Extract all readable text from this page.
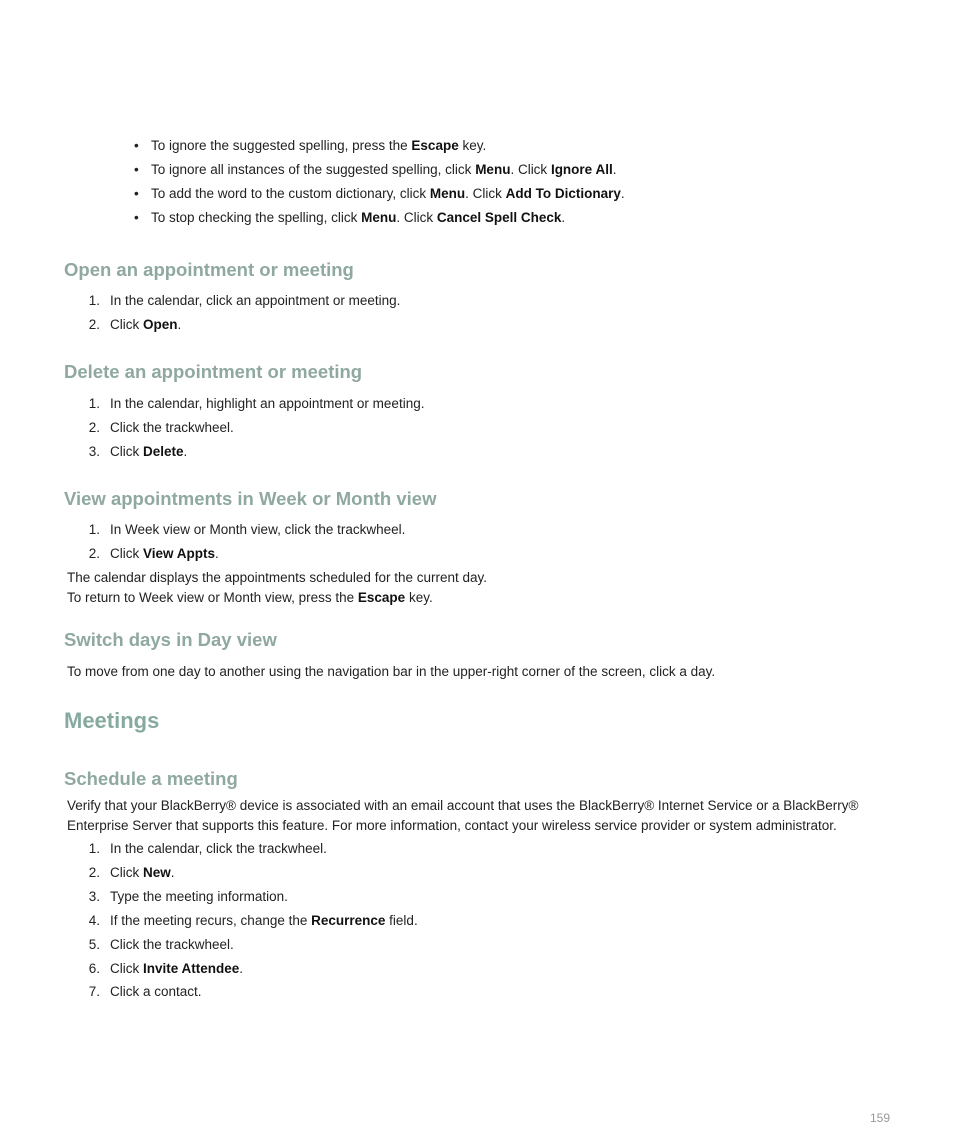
• To ignore the suggested spelling, press the Escape key.
• To ignore all instances of the suggested spelling, click Menu. Click Ignore All.
• To add the word to the custom dictionary, click Menu. Click Add To Dictionary.
• To stop checking the spelling, click Menu. Click Cancel Spell Check.
Open an appointment or meeting
1. In the calendar, click an appointment or meeting.
2. Click Open.
Delete an appointment or meeting
1. In the calendar, highlight an appointment or meeting.
2. Click the trackwheel.
3. Click Delete.
View appointments in Week or Month view
1. In Week view or Month view, click the trackwheel.
2. Click View Appts.
The calendar displays the appointments scheduled for the current day.
To return to Week view or Month view, press the Escape key.
Switch days in Day view
To move from one day to another using the navigation bar in the upper-right corner of the screen, click a day.
Meetings
Schedule a meeting
Verify that your BlackBerry® device is associated with an email account that uses the BlackBerry® Internet Service or a BlackBerry®
Enterprise Server that supports this feature. For more information, contact your wireless service provider or system administrator.
1. In the calendar, click the trackwheel.
2. Click New.
3. Type the meeting information.
4. If the meeting recurs, change the Recurrence field.
5. Click the trackwheel.
6. Click Invite Attendee.
7. Click a contact.
159
